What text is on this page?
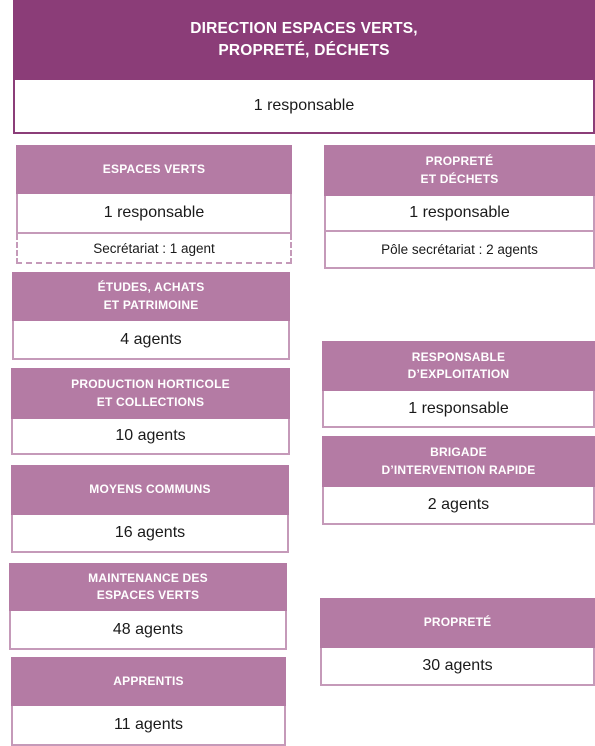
DIRECTION ESPACES VERTS,
PROPRETÉ, DÉCHETS
1 responsable
ESPACES VERTS
1 responsable
Secrétariat : 1 agent
PROPRETÉ
ET DÉCHETS
1 responsable
Pôle secrétariat : 2 agents
ÉTUDES, ACHATS
ET PATRIMOINE
4 agents
PRODUCTION HORTICOLE
ET COLLECTIONS
10 agents
MOYENS COMMUNS
16 agents
MAINTENANCE DES
ESPACES VERTS
48 agents
APPRENTIS
11 agents
RESPONSABLE
D’EXPLOITATION
1 responsable
BRIGADE
D’INTERVENTION RAPIDE
2 agents
PROPRETÉ
30 agents
